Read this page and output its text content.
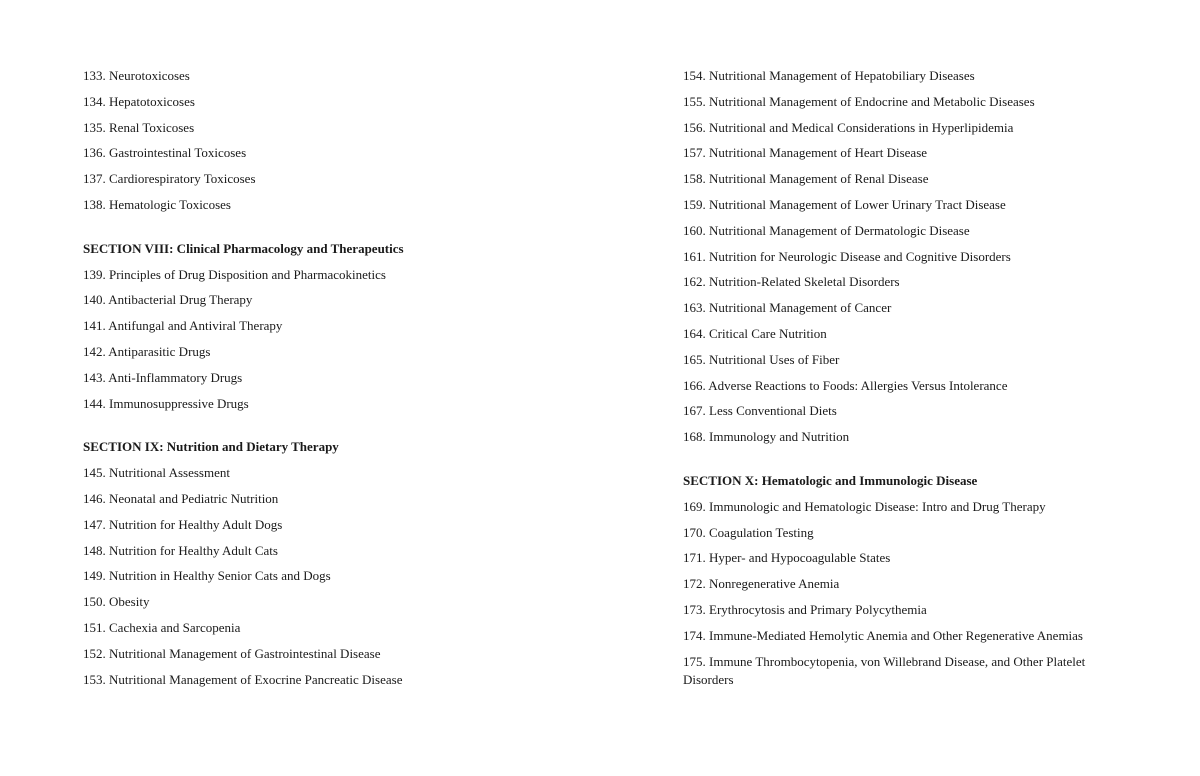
133. Neurotoxicoses
134. Hepatotoxicoses
135. Renal Toxicoses
136. Gastrointestinal Toxicoses
137. Cardiorespiratory Toxicoses
138. Hematologic Toxicoses
SECTION VIII: Clinical Pharmacology and Therapeutics
139. Principles of Drug Disposition and Pharmacokinetics
140. Antibacterial Drug Therapy
141. Antifungal and Antiviral Therapy
142. Antiparasitic Drugs
143. Anti-Inflammatory Drugs
144. Immunosuppressive Drugs
SECTION IX: Nutrition and Dietary Therapy
145. Nutritional Assessment
146. Neonatal and Pediatric Nutrition
147. Nutrition for Healthy Adult Dogs
148. Nutrition for Healthy Adult Cats
149. Nutrition in Healthy Senior Cats and Dogs
150. Obesity
151. Cachexia and Sarcopenia
152. Nutritional Management of Gastrointestinal Disease
153. Nutritional Management of Exocrine Pancreatic Disease
154. Nutritional Management of Hepatobiliary Diseases
155. Nutritional Management of Endocrine and Metabolic Diseases
156. Nutritional and Medical Considerations in Hyperlipidemia
157. Nutritional Management of Heart Disease
158. Nutritional Management of Renal Disease
159. Nutritional Management of Lower Urinary Tract Disease
160. Nutritional Management of Dermatologic Disease
161. Nutrition for Neurologic Disease and Cognitive Disorders
162. Nutrition-Related Skeletal Disorders
163. Nutritional Management of Cancer
164. Critical Care Nutrition
165. Nutritional Uses of Fiber
166. Adverse Reactions to Foods: Allergies Versus Intolerance
167. Less Conventional Diets
168. Immunology and Nutrition
SECTION X: Hematologic and Immunologic Disease
169. Immunologic and Hematologic Disease: Intro and Drug Therapy
170. Coagulation Testing
171. Hyper- and Hypocoagulable States
172. Nonregenerative Anemia
173. Erythrocytosis and Primary Polycythemia
174. Immune-Mediated Hemolytic Anemia and Other Regenerative Anemias
175. Immune Thrombocytopenia, von Willebrand Disease, and Other Platelet Disorders
